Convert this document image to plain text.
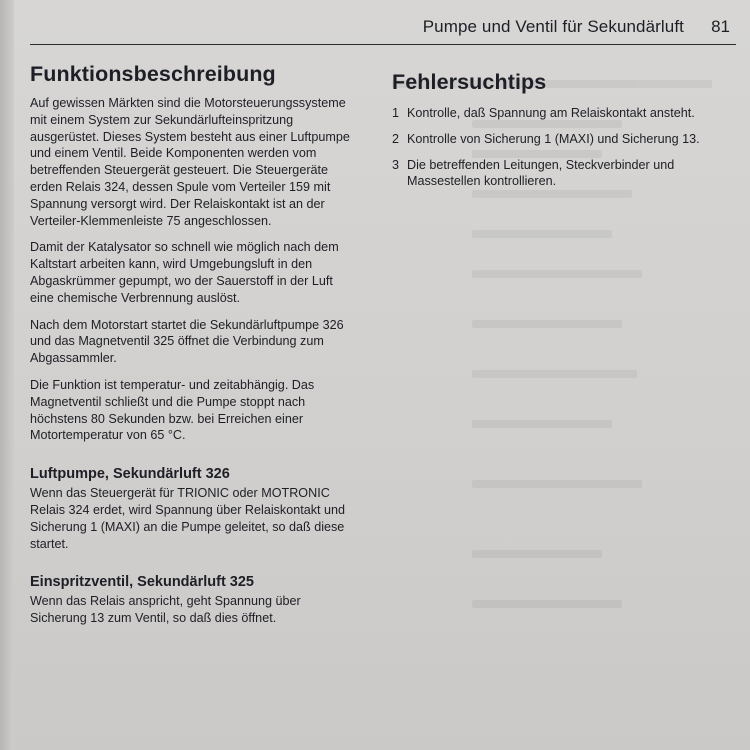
Pumpe und Ventil für Sekundärluft 81
Funktionsbeschreibung

Auf gewissen Märkten sind die Motorsteuerungssysteme mit einem System zur Sekundärlufteinspritzung ausgerüstet. Dieses System besteht aus einer Luftpumpe und einem Ventil. Beide Komponenten werden vom betreffenden Steuergerät gesteuert. Die Steuergeräte erden Relais 324, dessen Spule vom Verteiler 159 mit Spannung versorgt wird. Der Relaiskontakt ist an der Verteiler-Klemmenleiste 75 angeschlossen.

Damit der Katalysator so schnell wie möglich nach dem Kaltstart arbeiten kann, wird Umgebungsluft in den Abgaskrümmer gepumpt, wo der Sauerstoff in der Luft eine chemische Verbrennung auslöst.

Nach dem Motorstart startet die Sekundärluftpumpe 326 und das Magnetventil 325 öffnet die Verbindung zum Abgassammler.

Die Funktion ist temperatur- und zeitabhängig. Das Magnetventil schließt und die Pumpe stoppt nach höchstens 80 Sekunden bzw. bei Erreichen einer Motortemperatur von 65 °C.

Luftpumpe, Sekundärluft 326

Wenn das Steuergerät für TRIONIC oder MOTRONIC Relais 324 erdet, wird Spannung über Relaiskontakt und Sicherung 1 (MAXI) an die Pumpe geleitet, so daß diese startet.

Einspritzventil, Sekundärluft 325

Wenn das Relais anspricht, geht Spannung über Sicherung 13 zum Ventil, so daß dies öffnet.

Fehlersuchtips
1 Kontrolle, daß Spannung am Relaiskontakt ansteht.
2 Kontrolle von Sicherung 1 (MAXI) und Sicherung 13.
3 Die betreffenden Leitungen, Steckverbinder und Massestellen kontrollieren.
